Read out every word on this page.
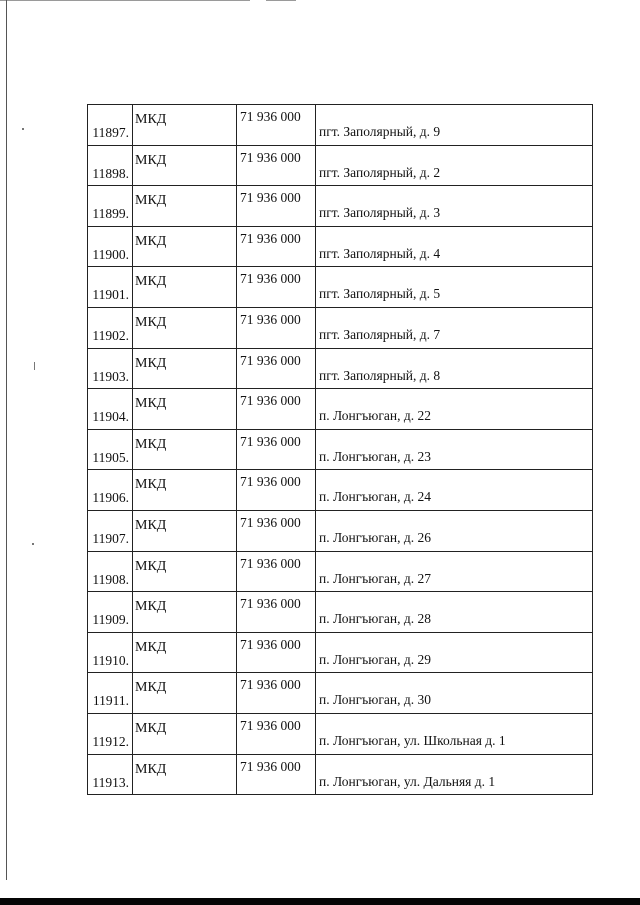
11897.	МКД	71 936 000	пгт. Заполярный, д. 9

11898.	МКД	71 936 000	пгт. Заполярный, д. 2

11899.	МКД	71 936 000	пгт. Заполярный, д. 3

11900.	МКД	71 936 000	пгт. Заполярный, д. 4

11901.	МКД	71 936 000	пгт. Заполярный, д. 5

11902.	МКД	71 936 000	пгт. Заполярный, д. 7

11903.	МКД	71 936 000	пгт. Заполярный, д. 8

11904.	МКД	71 936 000	п. Лонгъюган, д. 22

11905.	МКД	71 936 000	п. Лонгъюган, д. 23

11906.	МКД	71 936 000	п. Лонгъюган, д. 24

11907.	МКД	71 936 000	п. Лонгъюган, д. 26

11908.	МКД	71 936 000	п. Лонгъюган, д. 27

11909.	МКД	71 936 000	п. Лонгъюган, д. 28

11910.	МКД	71 936 000	п. Лонгъюган, д. 29

11911.	МКД	71 936 000	п. Лонгъюган, д. 30

11912.	МКД	71 936 000	п. Лонгъюган, ул. Школьная д. 1

11913.	МКД	71 936 000	п. Лонгъюган, ул. Дальняя д. 1
